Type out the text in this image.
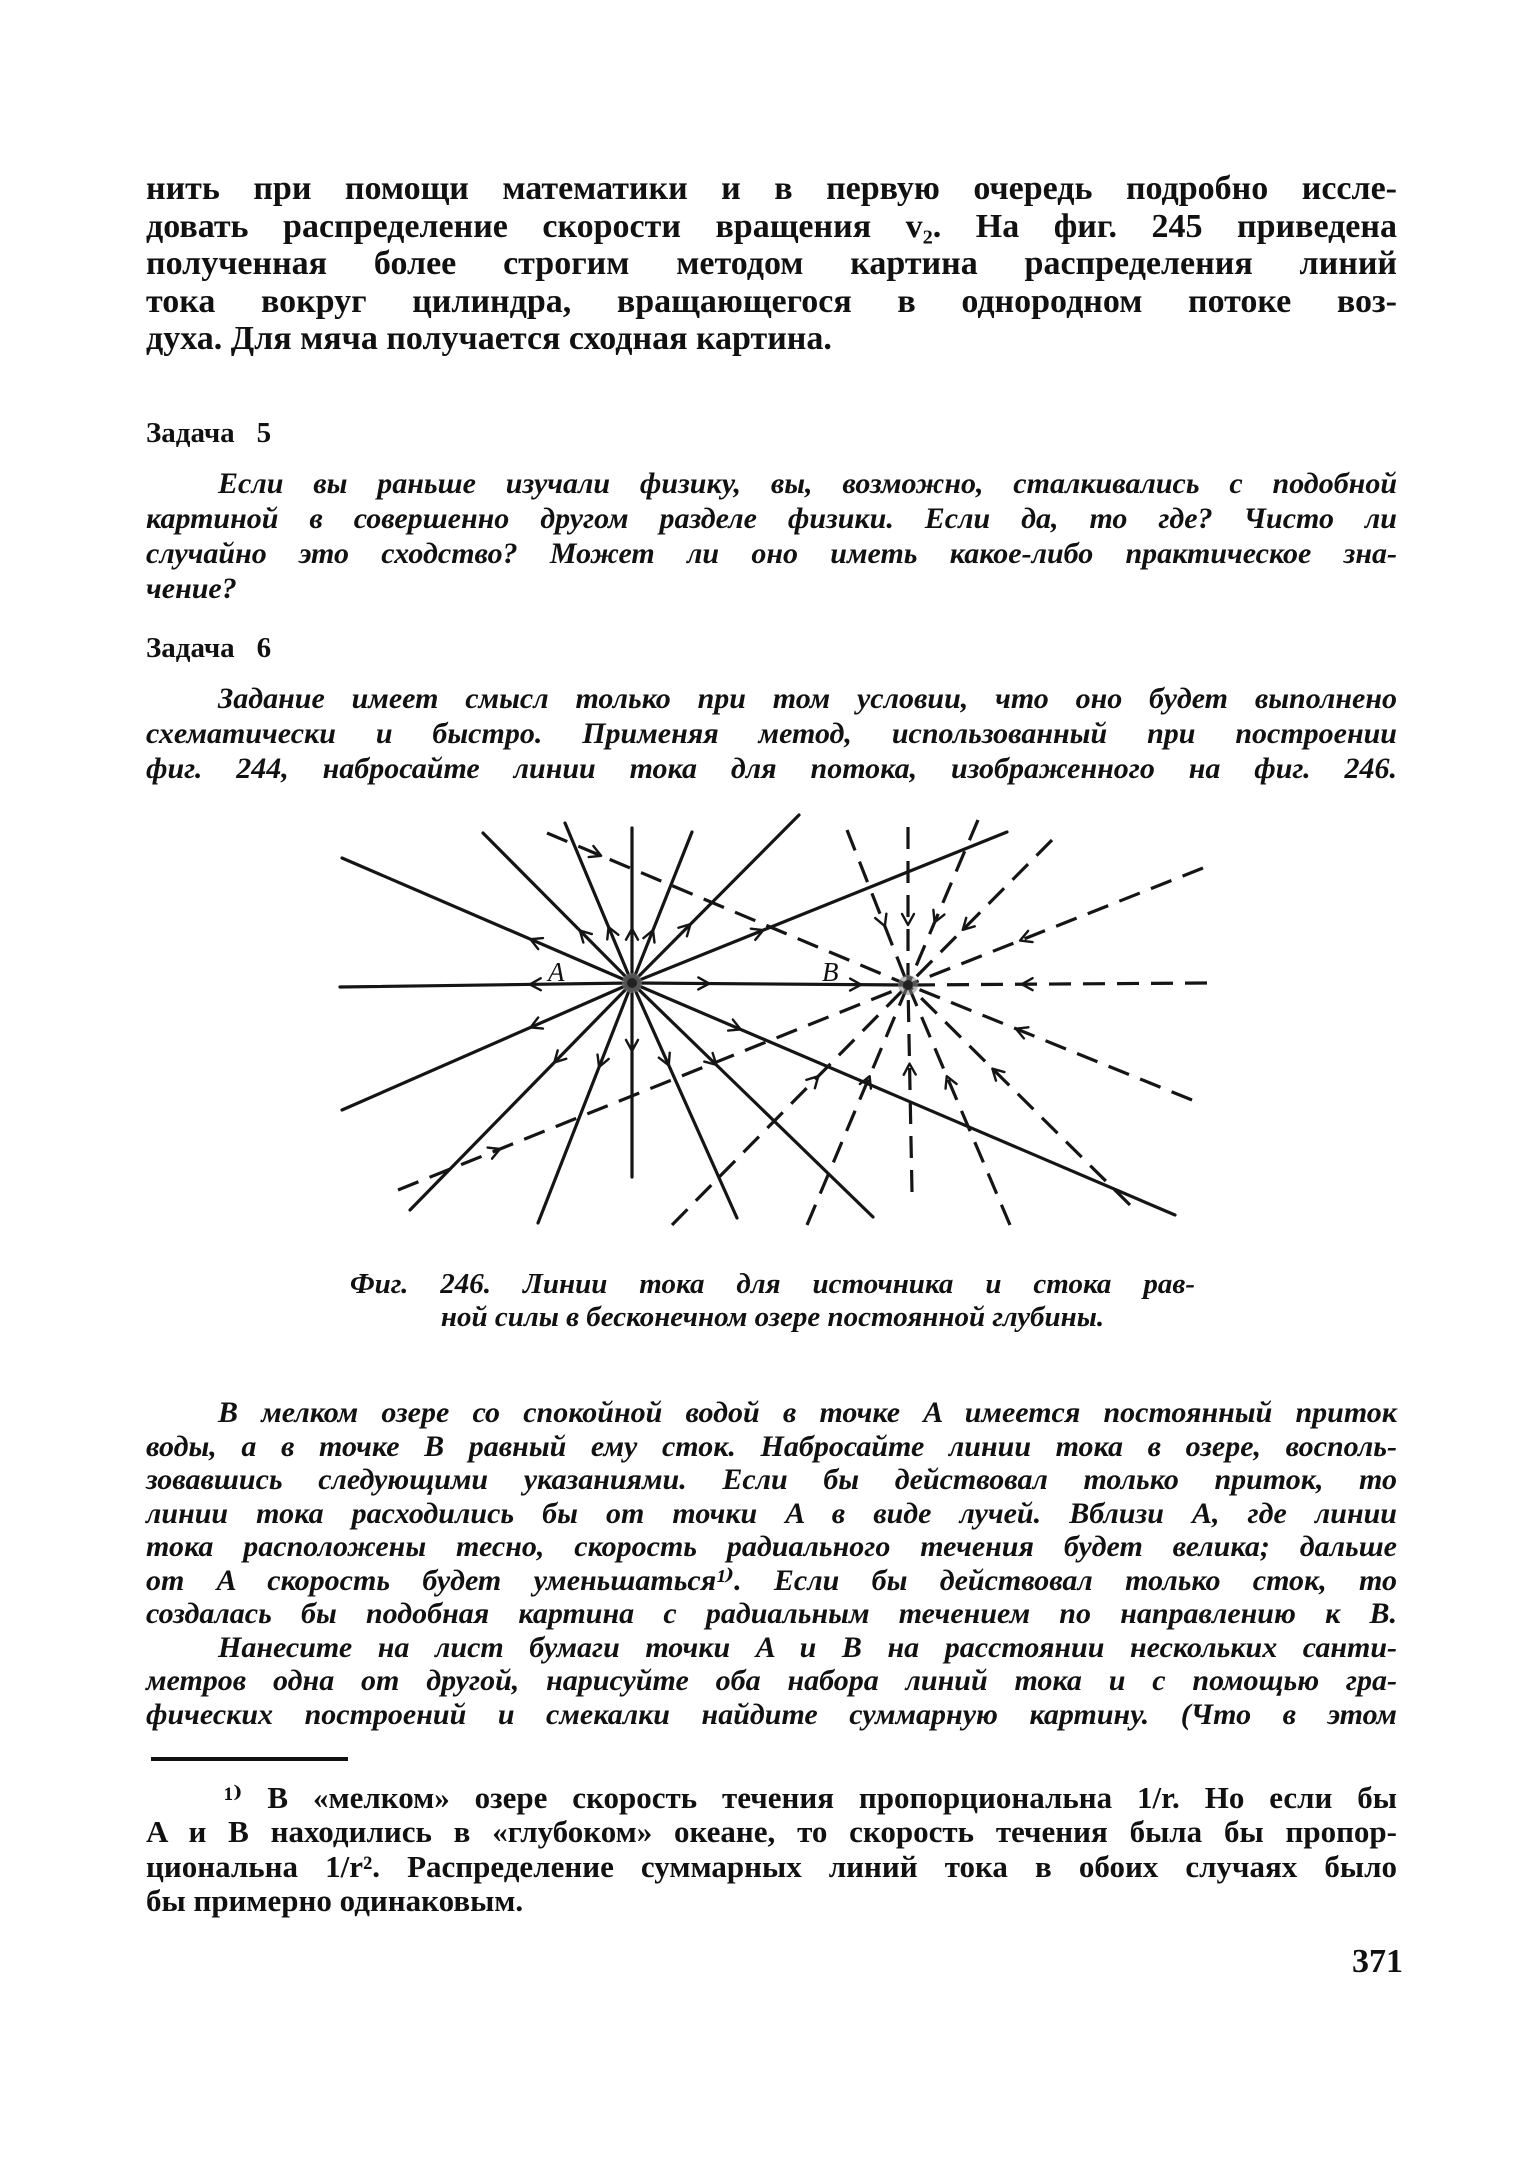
нить при помощи математики и в первую очередь подробно иссле-
довать распределение скорости вращения v₂. На фиг. 245 приведена
полученная более строгим методом картина распределения линий
тока вокруг цилиндра, вращающегося в однородном потоке воз-
духа. Для мяча получается сходная картина.
Задача 5
Если вы раньше изучали физику, вы, возможно, сталкивались с подобной
картиной в совершенно другом разделе физики. Если да, то где? Чисто ли
случайно это сходство? Может ли оно иметь какое-либо практическое зна-
чение?
Задача 6
Задание имеет смысл только при том условии, что оно будет выполнено
схематически и быстро. Применяя метод, использованный при построении
фиг. 244, набросайте линии тока для потока, изображенного на фиг. 246.
A	B
Фиг. 246. Линии тока для источника и стока рав-
ной силы в бесконечном озере постоянной глубины.
В мелком озере со спокойной водой в точке A имеется постоянный приток
воды, а в точке B равный ему сток. Набросайте линии тока в озере, восполь-
зовавшись следующими указаниями. Если бы действовал только приток, то
линии тока расходились бы от точки A в виде лучей. Вблизи A, где линии
тока расположены тесно, скорость радиального течения будет велика; дальше
от A скорость будет уменьшаться¹⁾. Если бы действовал только сток, то
создалась бы подобная картина с радиальным течением по направлению к B.
Нанесите на лист бумаги точки A и B на расстоянии нескольких санти-
метров одна от другой, нарисуйте оба набора линий тока и с помощью гра-
фических построений и смекалки найдите суммарную картину. (Что в этом
¹⁾ В «мелком» озере скорость течения пропорциональна 1/r. Но если бы
A и B находились в «глубоком» океане, то скорость течения была бы пропор-
циональна 1/r². Распределение суммарных линий тока в обоих случаях было
бы примерно одинаковым.
371
